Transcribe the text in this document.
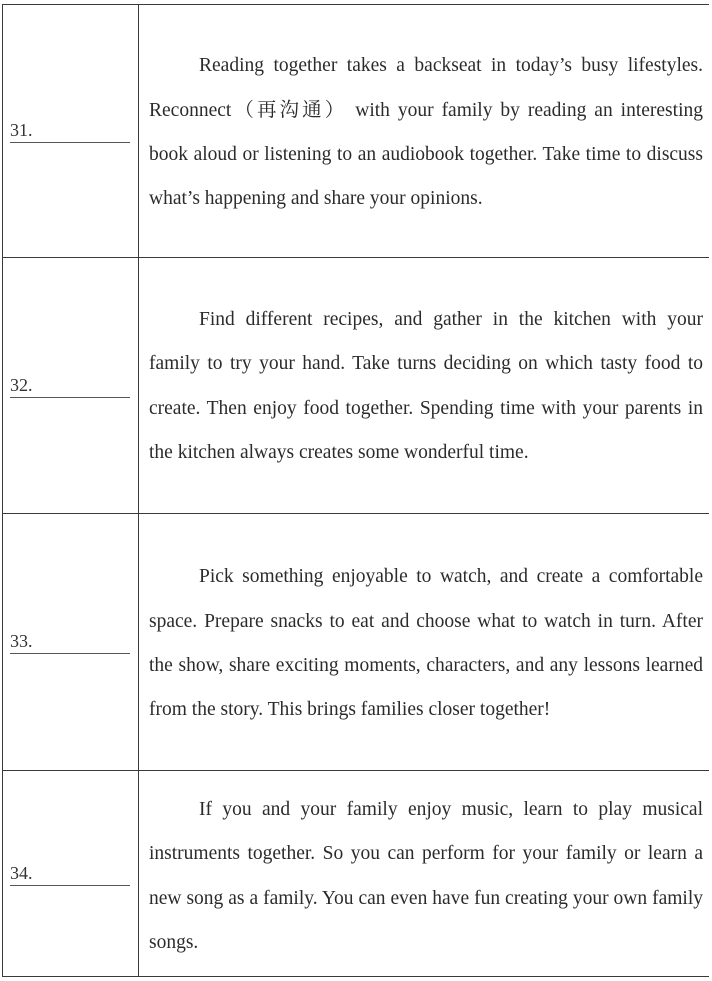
31.	Reading together takes a backseat in today’s busy lifestyles. Reconnect（再沟通） with your family by reading an interesting book aloud or listening to an audiobook together. Take time to discuss what’s happening and share your opinions.

32.	Find different recipes, and gather in the kitchen with your family to try your hand. Take turns deciding on which tasty food to create. Then enjoy food together. Spending time with your parents in the kitchen always creates some wonderful time.

33.	Pick something enjoyable to watch, and create a comfortable space. Prepare snacks to eat and choose what to watch in turn. After the show, share exciting moments, characters, and any lessons learned from the story. This brings families closer together!

34.	If you and your family enjoy music, learn to play musical instruments together. So you can perform for your family or learn a new song as a family. You can even have fun creating your own family songs.
